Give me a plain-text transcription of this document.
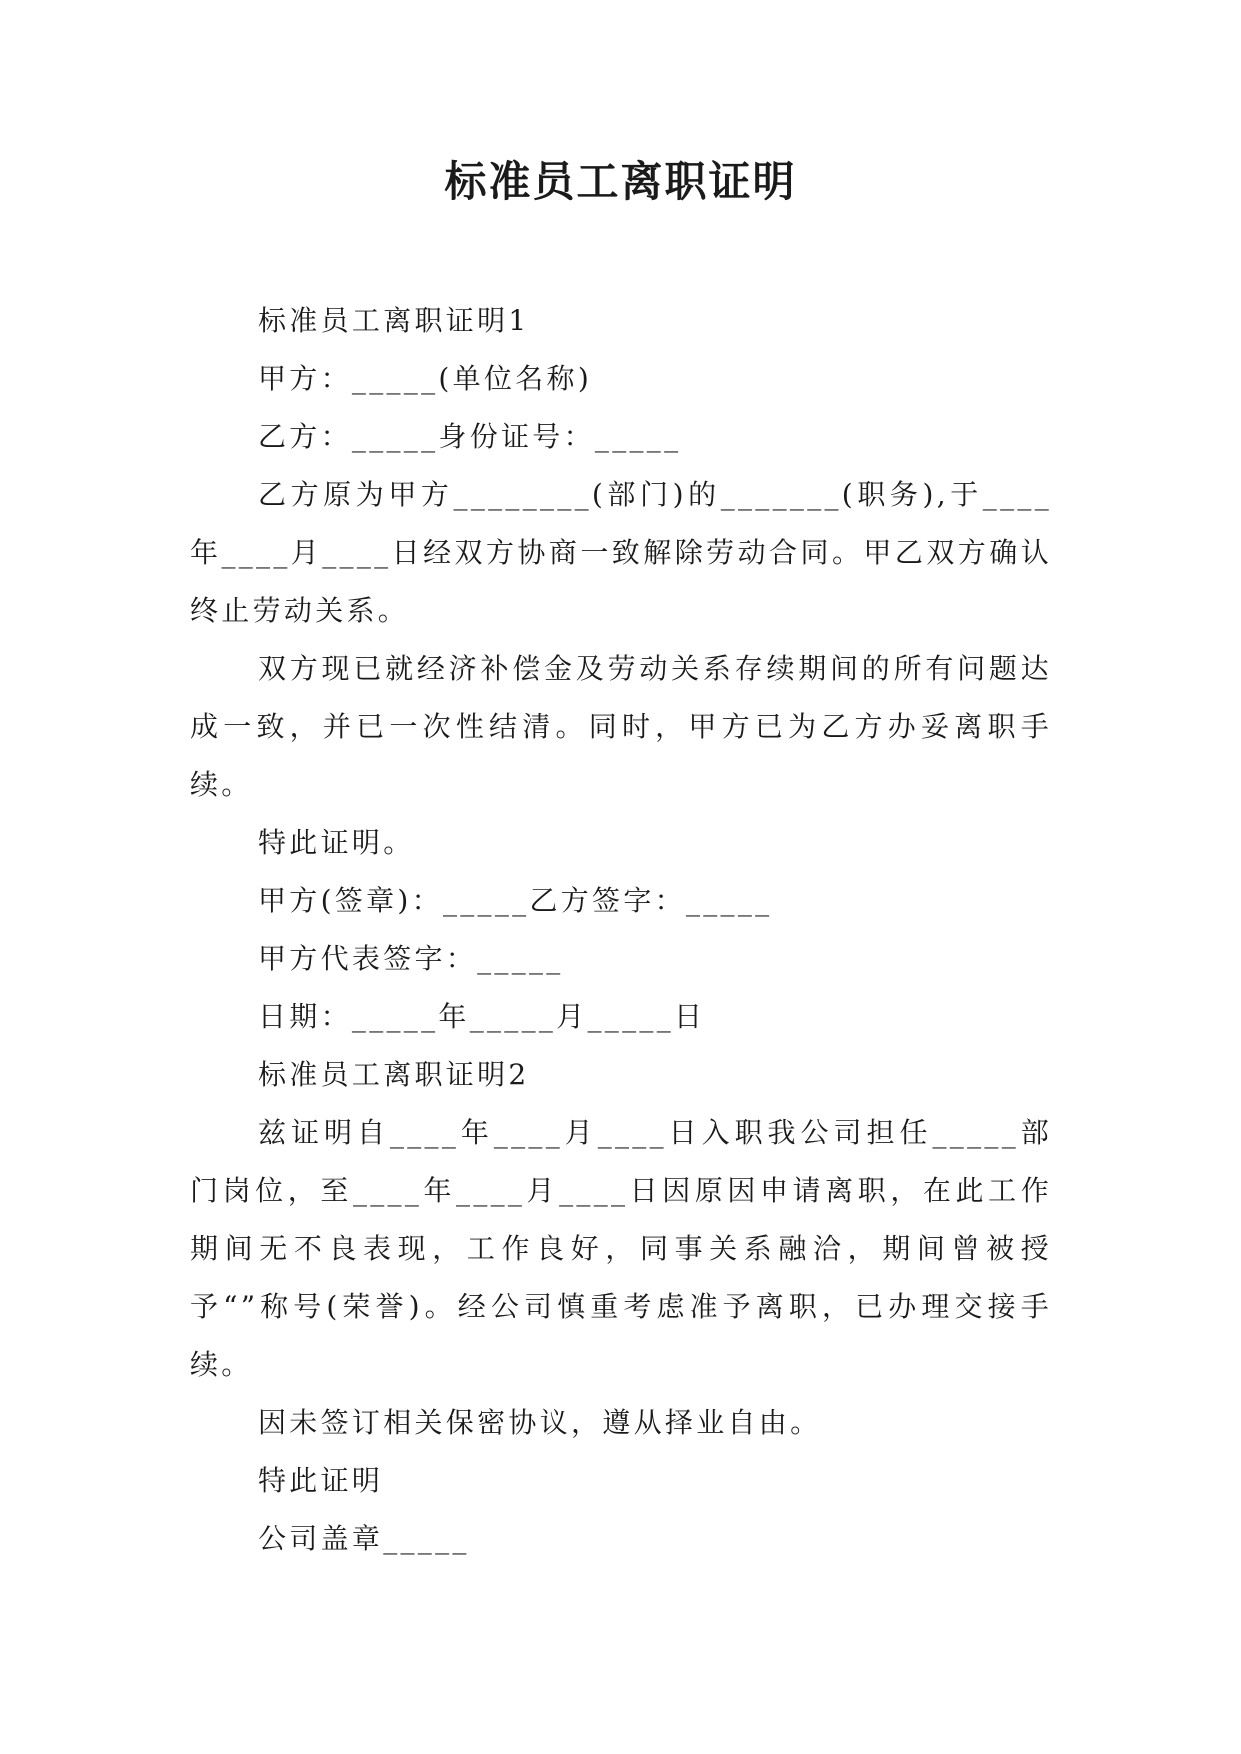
标准员工离职证明

标准员工离职证明1

甲方：_____(单位名称)

乙方：_____身份证号：_____

乙方原为甲方________(部门)的_______(职务),于____年____月____日经双方协商一致解除劳动合同。甲乙双方确认终止劳动关系。

双方现已就经济补偿金及劳动关系存续期间的所有问题达成一致，并已一次性结清。同时，甲方已为乙方办妥离职手续。

特此证明。

甲方(签章)：_____乙方签字：_____

甲方代表签字：_____

日期：_____年_____月_____日

标准员工离职证明2

兹证明自____年____月____日入职我公司担任_____部门岗位，至____年____月____日因原因申请离职，在此工作期间无不良表现，工作良好，同事关系融洽，期间曾被授予“”称号(荣誉)。经公司慎重考虑准予离职，已办理交接手续。

因未签订相关保密协议，遵从择业自由。

特此证明

公司盖章_____
